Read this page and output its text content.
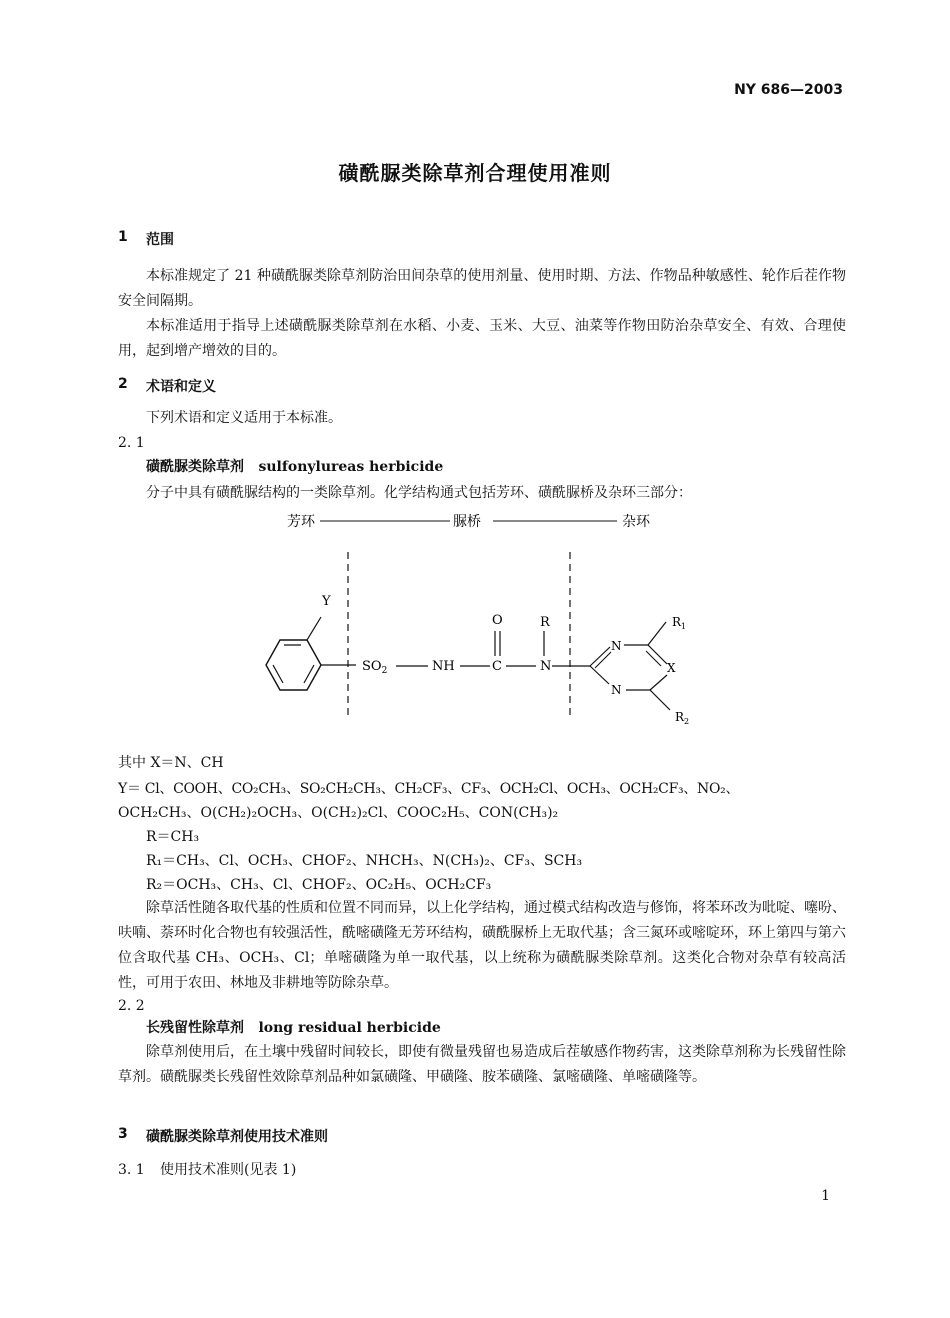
NY 686—2003
磺酰脲类除草剂合理使用准则
1 范围
本标准规定了 21 种磺酰脲类除草剂防治田间杂草的使用剂量、使用时期、方法、作物品种敏感性、轮作后茬作物安全间隔期。
本标准适用于指导上述磺酰脲类除草剂在水稻、小麦、玉米、大豆、油菜等作物田防治杂草安全、有效、合理使用，起到增产增效的目的。
2 术语和定义
下列术语和定义适用于本标准。
2. 1
磺酰脲类除草剂 sulfonylureas herbicide
分子中具有磺酰脲结构的一类除草剂。化学结构通式包括芳环、磺酰脲桥及杂环三部分：
芳环	脲桥	杂环
Y
$SO_2$	NH	C
O
N
R
N
X
N
$R_1$
$R_2$
其中 X＝N、CH
Y＝ Cl、COOH、CO₂CH₃、SO₂CH₂CH₃、CH₂CF₃、CF₃、OCH₂Cl、OCH₃、OCH₂CF₃、NO₂、
OCH₂CH₃、O(CH₂)₂OCH₃、O(CH₂)₂Cl、COOC₂H₅、CON(CH₃)₂
R＝CH₃
R₁＝CH₃、Cl、OCH₃、CHOF₂、NHCH₃、N(CH₃)₂、CF₃、SCH₃
R₂＝OCH₃、CH₃、Cl、CHOF₂、OC₂H₅、OCH₂CF₃
除草活性随各取代基的性质和位置不同而异，以上化学结构，通过模式结构改造与修饰，将苯环改为吡啶、噻吩、呋喃、萘环时化合物也有较强活性，酰嘧磺隆无芳环结构，磺酰脲桥上无取代基；含三氮环或嘧啶环，环上第四与第六位含取代基 CH₃、OCH₃、Cl；单嘧磺隆为单一取代基，以上统称为磺酰脲类除草剂。这类化合物对杂草有较高活性，可用于农田、林地及非耕地等防除杂草。
2. 2
长残留性除草剂 long residual herbicide
除草剂使用后，在土壤中残留时间较长，即使有微量残留也易造成后茬敏感作物药害，这类除草剂称为长残留性除草剂。磺酰脲类长残留性效除草剂品种如氯磺隆、甲磺隆、胺苯磺隆、氯嘧磺隆、单嘧磺隆等。
3 磺酰脲类除草剂使用技术准则
3. 1 使用技术准则(见表 1)
1
